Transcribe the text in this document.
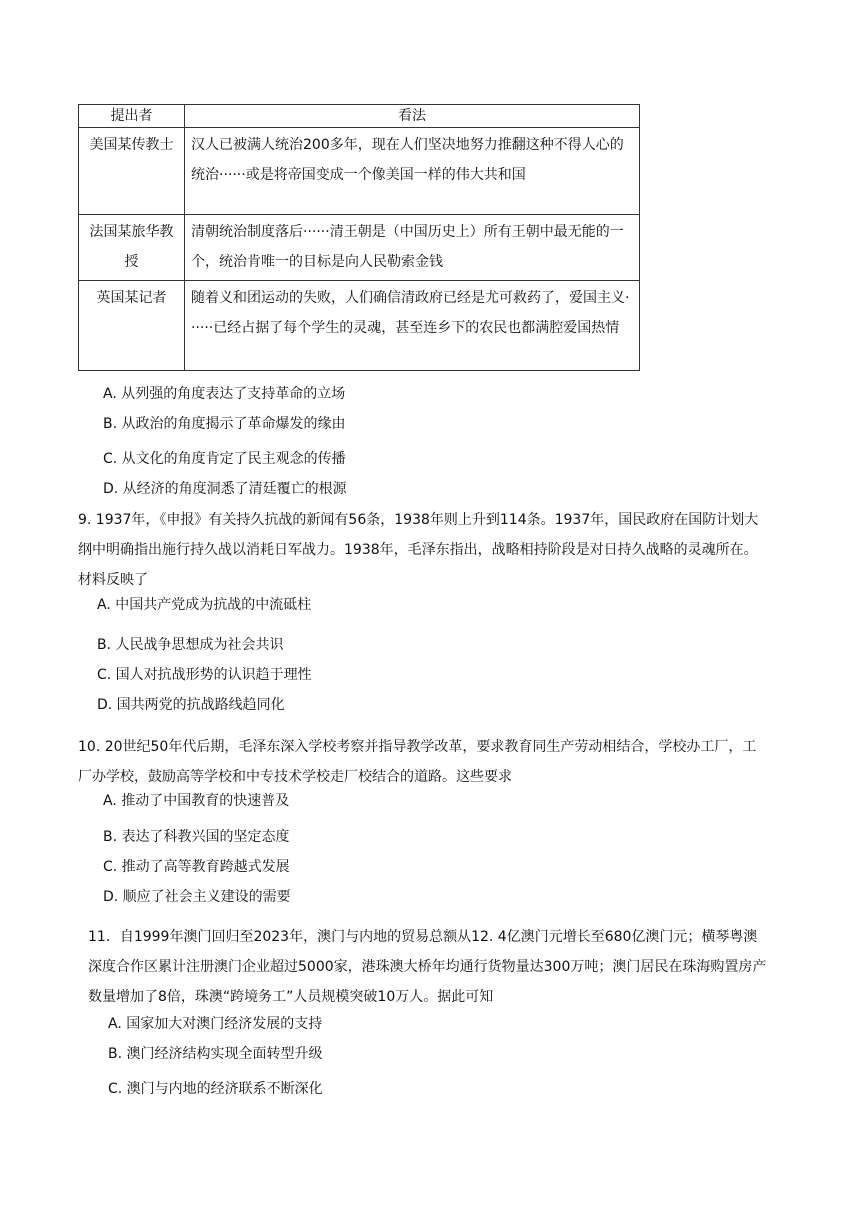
提出者	看法
美国某传教士	汉人已被满人统治200多年，现在人们坚决地努力推翻这种不得人心的统治······或是将帝国变成一个像美国一样的伟大共和国
法国某旅华教授	清朝统治制度落后······清王朝是（中国历史上）所有王朝中最无能的一个，统治肯唯一的目标是向人民勒索金钱
英国某记者	随着义和团运动的失败，人们确信清政府已经是尤可救药了，爱国主义······已经占据了每个学生的灵魂，甚至连乡下的农民也都满腔爱国热情
A. 从列强的角度表达了支持革命的立场
B. 从政治的角度揭示了革命爆发的缘由
C. 从文化的角度肯定了民主观念的传播
D. 从经济的角度洞悉了清廷覆亡的根源
9. 1937年，《申报》有关持久抗战的新闻有56条，1938年则上升到114条。1937年，国民政府在国防计划大纲中明确指出施行持久战以消耗日军战力。1938年，毛泽东指出，战略相持阶段是对日持久战略的灵魂所在。材料反映了
A. 中国共产党成为抗战的中流砥柱
B. 人民战争思想成为社会共识
C. 国人对抗战形势的认识趋于理性
D. 国共两党的抗战路线趋同化
10. 20世纪50年代后期，毛泽东深入学校考察并指导教学改革，要求教育同生产劳动相结合，学校办工厂，工厂办学校，鼓励高等学校和中专技术学校走厂校结合的道路。这些要求
A. 推动了中国教育的快速普及
B. 表达了科教兴国的坚定态度
C. 推动了高等教育跨越式发展
D. 顺应了社会主义建设的需要
11．自1999年澳门回归至2023年，澳门与内地的贸易总额从12. 4亿澳门元增长至680亿澳门元；横琴粤澳深度合作区累计注册澳门企业超过5000家，港珠澳大桥年均通行货物量达300万吨；澳门居民在珠海购置房产数量增加了8倍，珠澳“跨境务工”人员规模突破10万人。据此可知
A. 国家加大对澳门经济发展的支持
B. 澳门经济结构实现全面转型升级
C. 澳门与内地的经济联系不断深化
